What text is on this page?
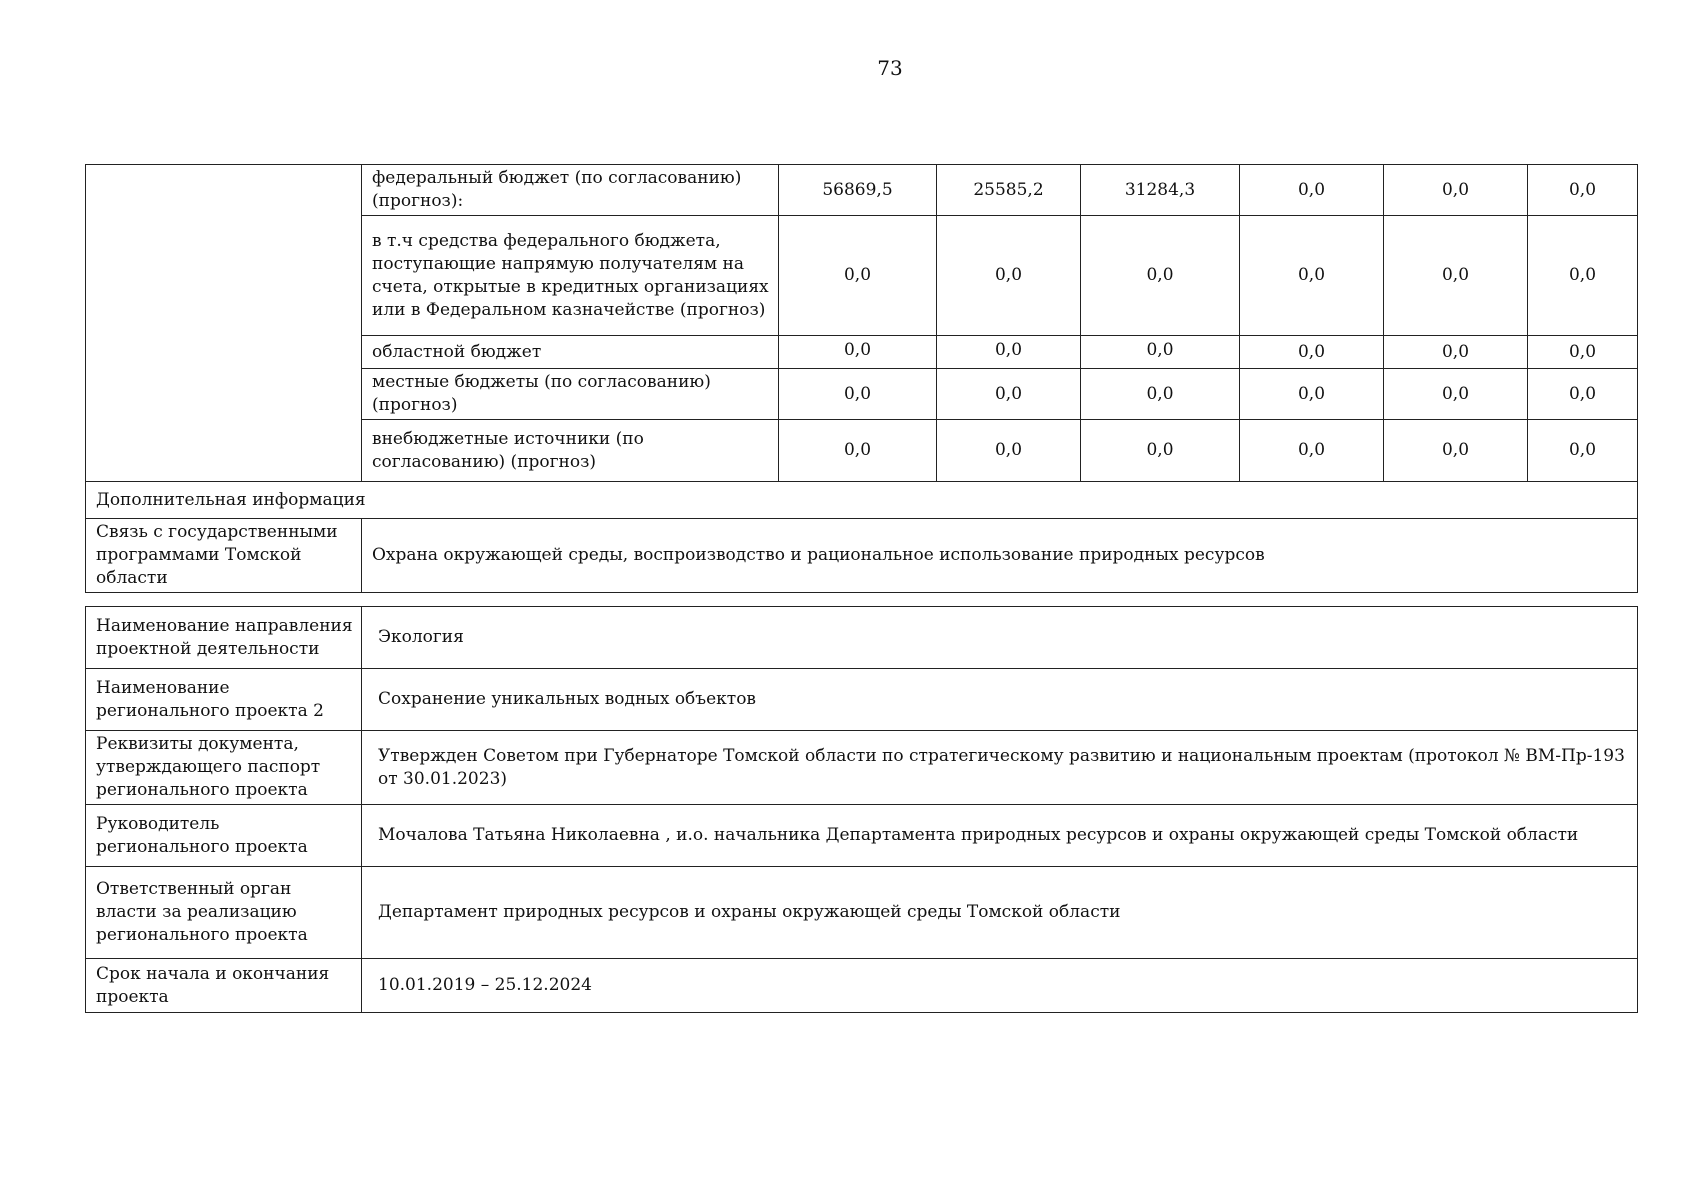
73
	федеральный бюджет (по согласованию) (прогноз):	56869,5	25585,2	31284,3	0,0	0,0	0,0
	в т.ч средства федерального бюджета, поступающие напрямую получателям на счета, открытые в кредитных организациях или в Федеральном казначействе (прогноз)	0,0	0,0	0,0	0,0	0,0	0,0
	областной бюджет	0,0	0,0	0,0	0,0	0,0	0,0
	местные бюджеты (по согласованию) (прогноз)	0,0	0,0	0,0	0,0	0,0	0,0
	внебюджетные источники (по согласованию) (прогноз)	0,0	0,0	0,0	0,0	0,0	0,0
Дополнительная информация							
Связь с государственными программами Томской области	Охрана окружающей среды, воспроизводство и рациональное использование природных ресурсов						
Наименование направления проектной деятельности	Экология
Наименование регионального проекта 2	Сохранение уникальных водных объектов
Реквизиты документа, утверждающего паспорт регионального проекта	Утвержден Советом при Губернаторе Томской области по стратегическому развитию и национальным проектам (протокол № ВМ-Пр-193 от 30.01.2023)
Руководитель регионального проекта	Мочалова Татьяна Николаевна , и.о. начальника Департамента природных ресурсов и охраны окружающей среды Томской области
Ответственный орган власти за реализацию регионального проекта	Департамент природных ресурсов и охраны окружающей среды Томской области
Срок начала и окончания проекта	10.01.2019 – 25.12.2024
